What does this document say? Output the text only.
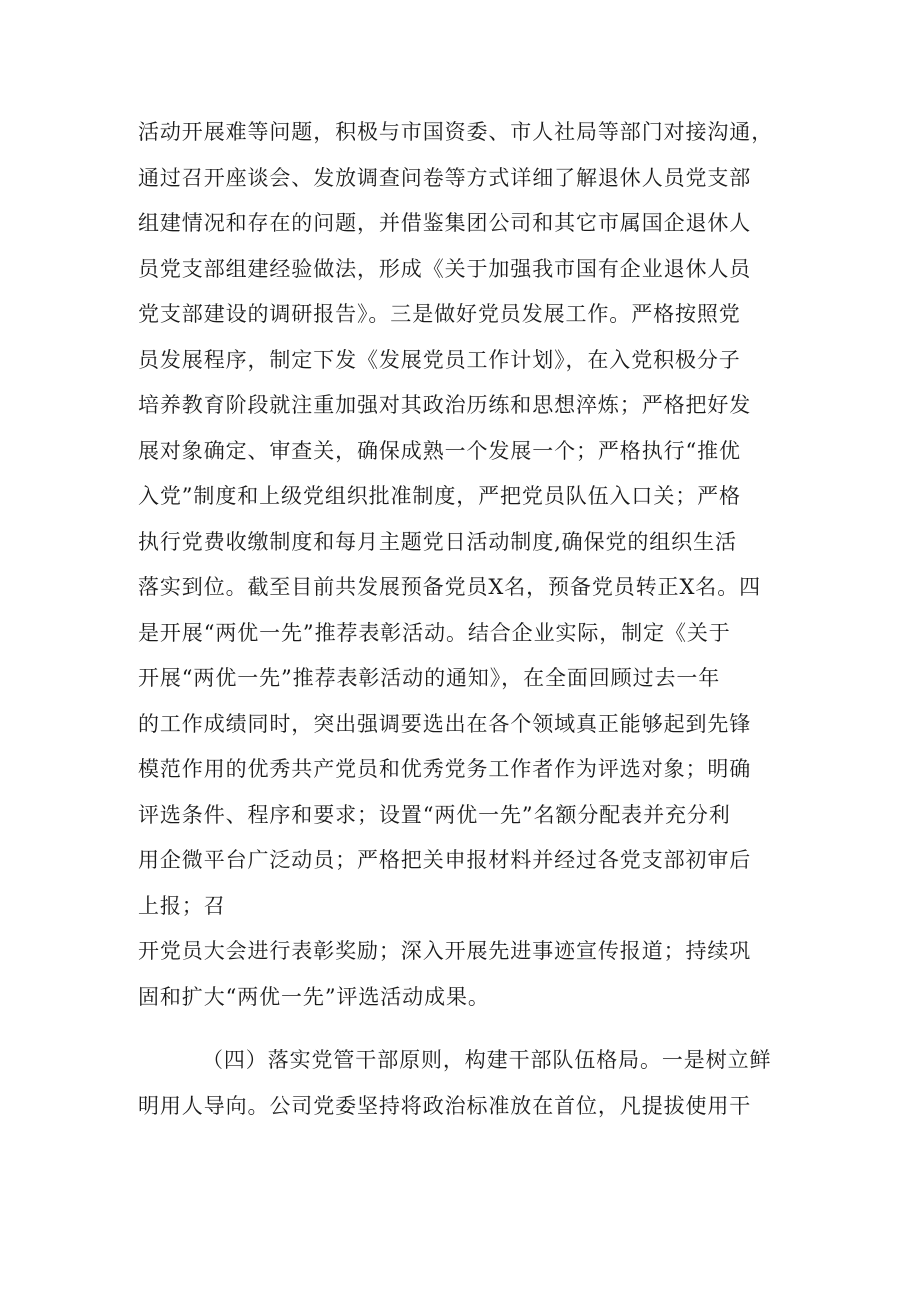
活动开展难等问题，积极与市国资委、市人社局等部门对接沟通，
通过召开座谈会、发放调查问卷等方式详细了解退休人员党支部
组建情况和存在的问题，并借鉴集团公司和其它市属国企退休人
员党支部组建经验做法，形成《关于加强我市国有企业退休人员
党支部建设的调研报告》。三是做好党员发展工作。严格按照党
员发展程序，制定下发《发展党员工作计划》，在入党积极分子
培养教育阶段就注重加强对其政治历练和思想淬炼；严格把好发
展对象确定、审查关，确保成熟一个发展一个；严格执行“推优
入党”制度和上级党组织批准制度，严把党员队伍入口关；严格
执行党费收缴制度和每月主题党日活动制度,确保党的组织生活
落实到位。截至目前共发展预备党员X名，预备党员转正X名。四
是开展“两优一先”推荐表彰活动。结合企业实际，制定《关于
开展“两优一先”推荐表彰活动的通知》，在全面回顾过去一年
的工作成绩同时，突出强调要选出在各个领域真正能够起到先锋
模范作用的优秀共产党员和优秀党务工作者作为评选对象；明确
评选条件、程序和要求；设置“两优一先”名额分配表并充分利
用企微平台广泛动员；严格把关申报材料并经过各党支部初审后
上报；召
开党员大会进行表彰奖励；深入开展先进事迹宣传报道；持续巩
固和扩大“两优一先”评选活动成果。
（四）落实党管干部原则，构建干部队伍格局。一是树立鲜
明用人导向。公司党委坚持将政治标准放在首位，凡提拔使用干
